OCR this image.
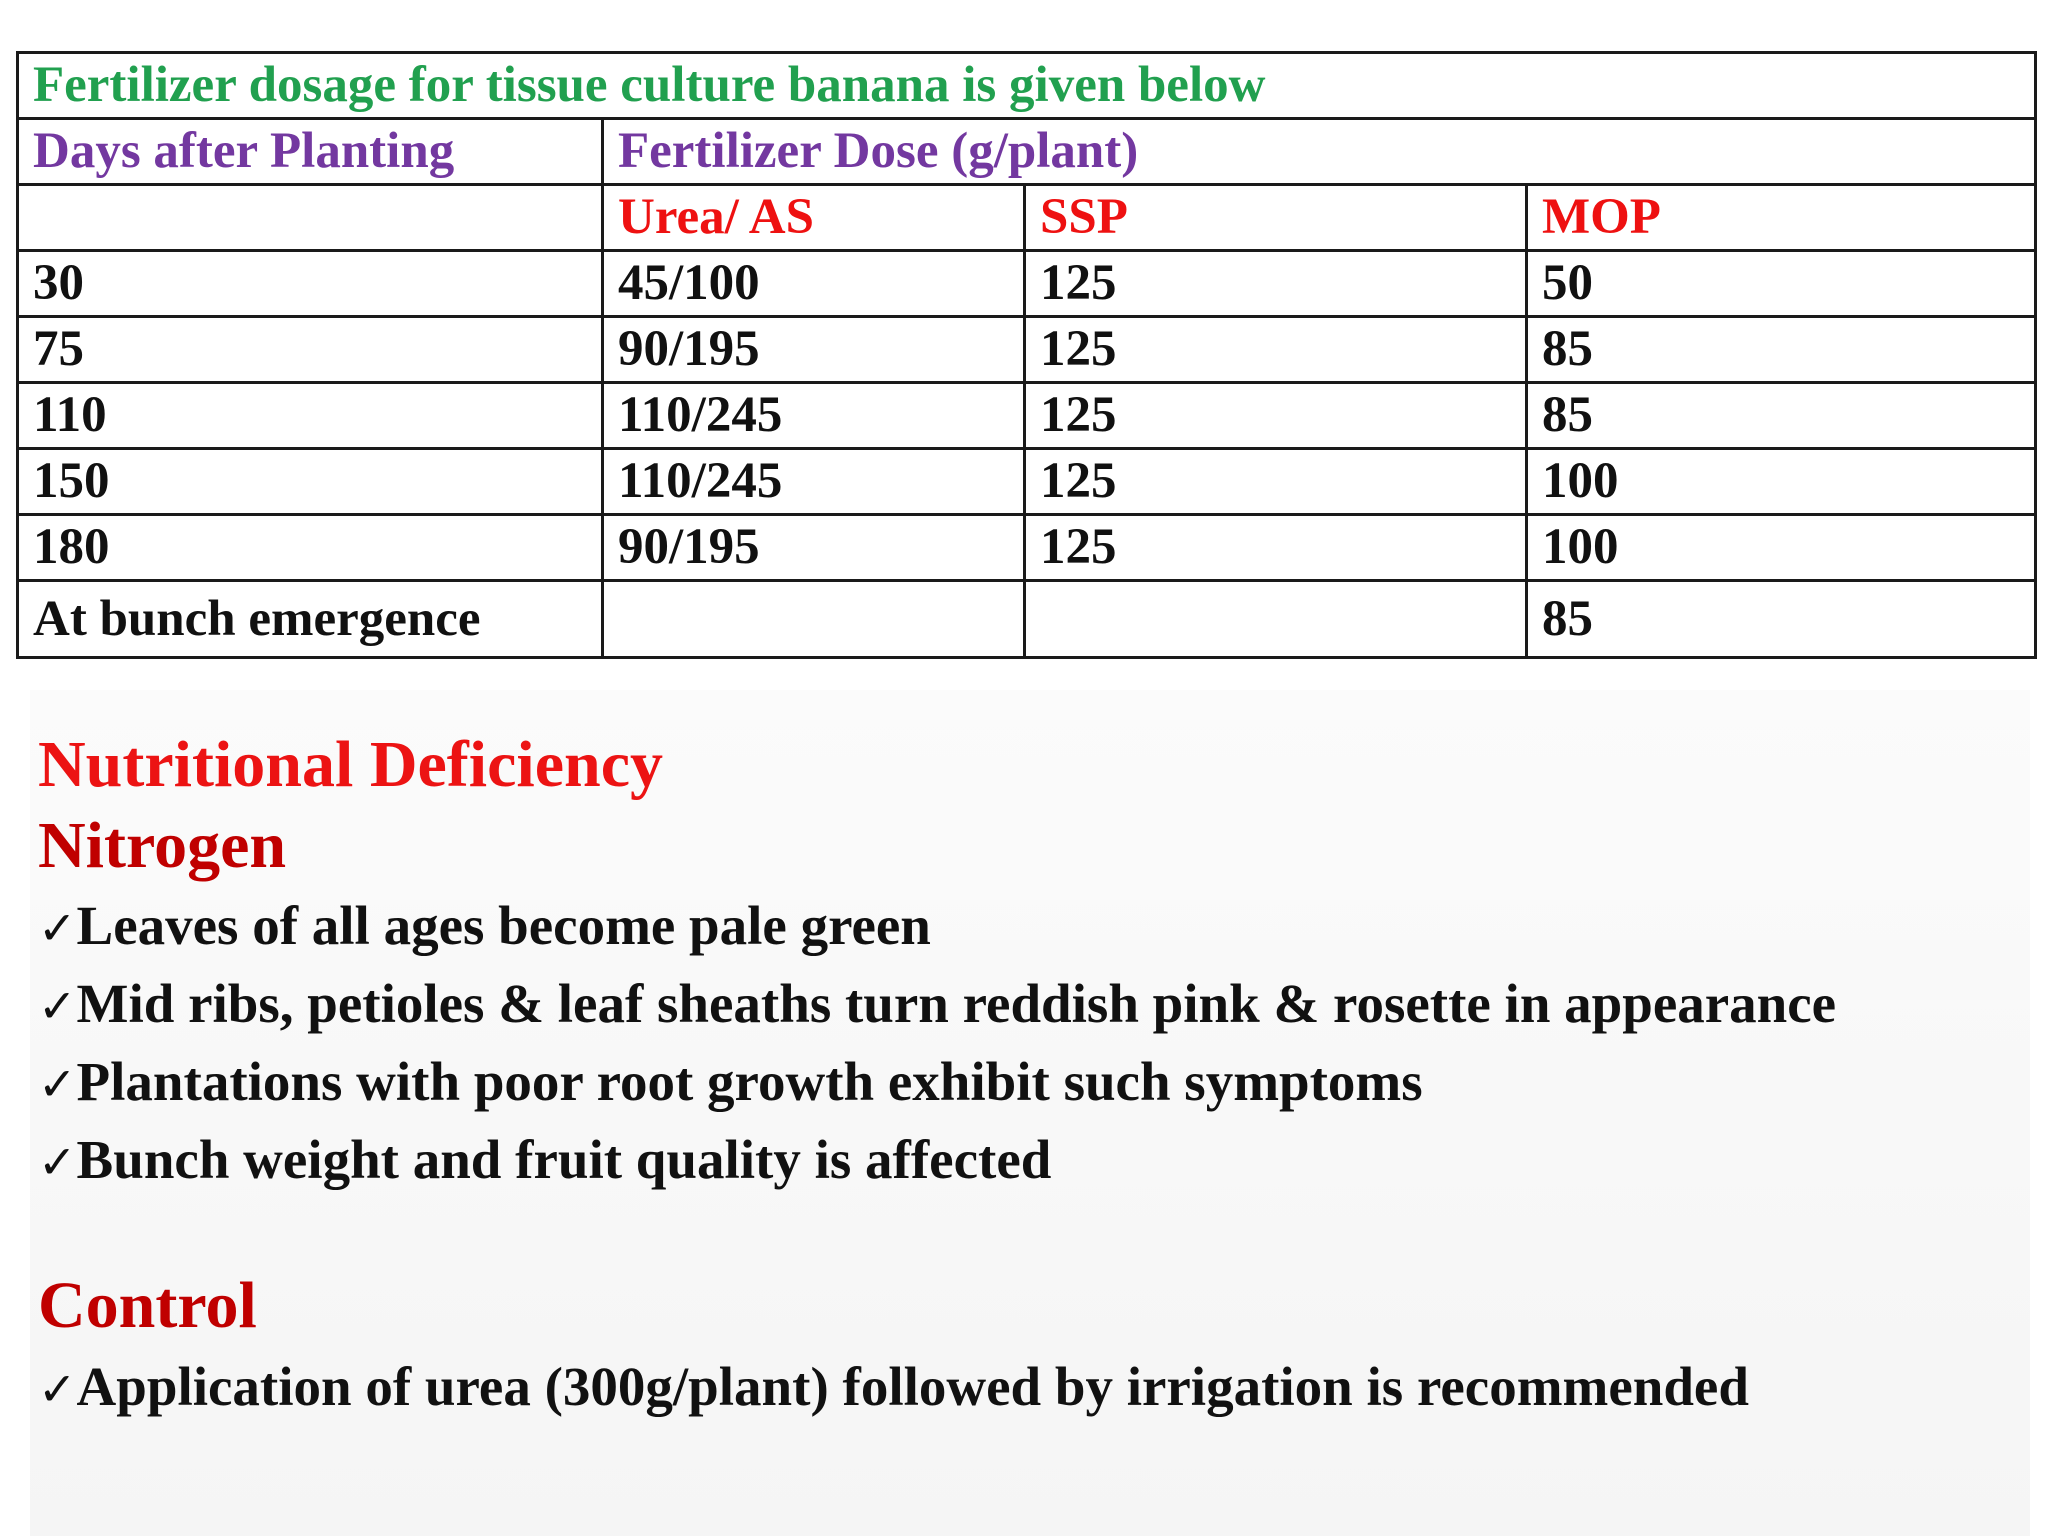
Fertilizer dosage for tissue culture banana is given below			
Days after Planting	Fertilizer Dose (g/plant)		
	Urea/ AS	SSP	MOP
30	45/100	125	50
75	90/195	125	85
110	110/245	125	85
150	110/245	125	100
180	90/195	125	100
At bunch emergence			85
Nutritional Deficiency
Nitrogen
✓Leaves of all ages become pale green
✓Mid ribs, petioles & leaf sheaths turn reddish pink & rosette in appearance
✓Plantations with poor root growth exhibit such symptoms
✓Bunch weight and fruit quality is affected
Control
✓Application of urea (300g/plant) followed by irrigation is recommended
